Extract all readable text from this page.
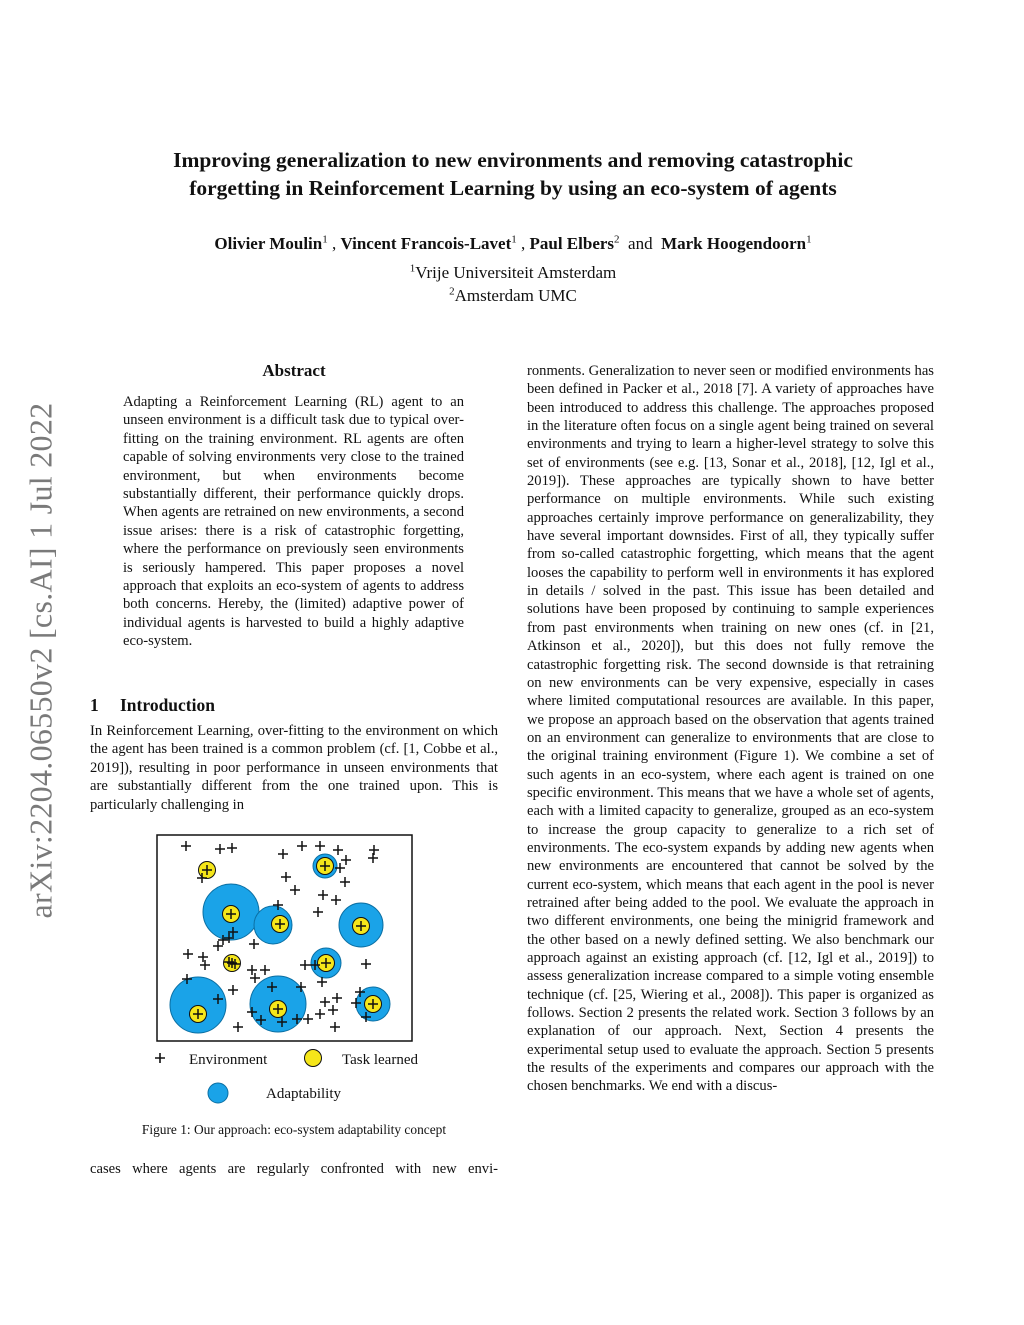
arXiv:2204.06550v2 [cs.AI] 1 Jul 2022
Improving generalization to new environments and removing catastrophic
forgetting in Reinforcement Learning by using an eco-system of agents
Olivier Moulin$^1$ , Vincent Francois-Lavet$^1$ , Paul Elbers$^2$ and Mark Hoogendoorn$^1$
$^1$Vrije Universiteit Amsterdam
$^2$Amsterdam UMC
Abstract
Adapting a Reinforcement Learning (RL) agent to an unseen environment is a difficult task due to typical over-fitting on the training environment. RL agents are often capable of solving environments very close to the trained environment, but when environments become substantially different, their performance quickly drops. When agents are retrained on new environments, a second issue arises: there is a risk of catastrophic forgetting, where the performance on previously seen environments is seriously hampered. This paper proposes a novel approach that exploits an eco-system of agents to address both concerns. Hereby, the (limited) adaptive power of individual agents is harvested to build a highly adaptive eco-system.
1 Introduction
In Reinforcement Learning, over-fitting to the environment on which the agent has been trained is a common problem (cf. [1, Cobbe et al., 2019]), resulting in poor performance in unseen environments that are substantially different from the one trained upon. This is particularly challenging in
Environment	Task learned
Adaptability
Figure 1: Our approach: eco-system adaptability concept
cases where agents are regularly confronted with new envi-
ronments. Generalization to never seen or modified environments has been defined in Packer et al., 2018 [7]. A variety of approaches have been introduced to address this challenge. The approaches proposed in the literature often focus on a single agent being trained on several environments and trying to learn a higher-level strategy to solve this set of environments (see e.g. [13, Sonar et al., 2018], [12, Igl et al., 2019]). These approaches are typically shown to have better performance on multiple environments. While such existing approaches certainly improve performance on generalizability, they have several important downsides. First of all, they typically suffer from so-called catastrophic forgetting, which means that the agent looses the capability to perform well in environments it has explored in details / solved in the past. This issue has been detailed and solutions have been proposed by continuing to sample experiences from past environments when training on new ones (cf. in [21, Atkinson et al., 2020]), but this does not fully remove the catastrophic forgetting risk. The second downside is that retraining on new environments can be very expensive, especially in cases where limited computational resources are available. In this paper, we propose an approach based on the observation that agents trained on an environment can generalize to environments that are close to the original training environment (Figure 1). We combine a set of such agents in an eco-system, where each agent is trained on one specific environment. This means that we have a whole set of agents, each with a limited capacity to generalize, grouped as an eco-system to increase the group capacity to generalize to a rich set of environments. The eco-system expands by adding new agents when new environments are encountered that cannot be solved by the current eco-system, which means that each agent in the pool is never retrained after being added to the pool. We evaluate the approach in two different environments, one being the minigrid framework and the other based on a newly defined setting. We also benchmark our approach against an existing approach (cf. [12, Igl et al., 2019]) to assess generalization increase compared to a simple voting ensemble technique (cf. [25, Wiering et al., 2008]). This paper is organized as follows. Section 2 presents the related work. Section 3 follows by an explanation of our approach. Next, Section 4 presents the experimental setup used to evaluate the approach. Section 5 presents the results of the experiments and compares our approach with the chosen benchmarks. We end with a discus-
